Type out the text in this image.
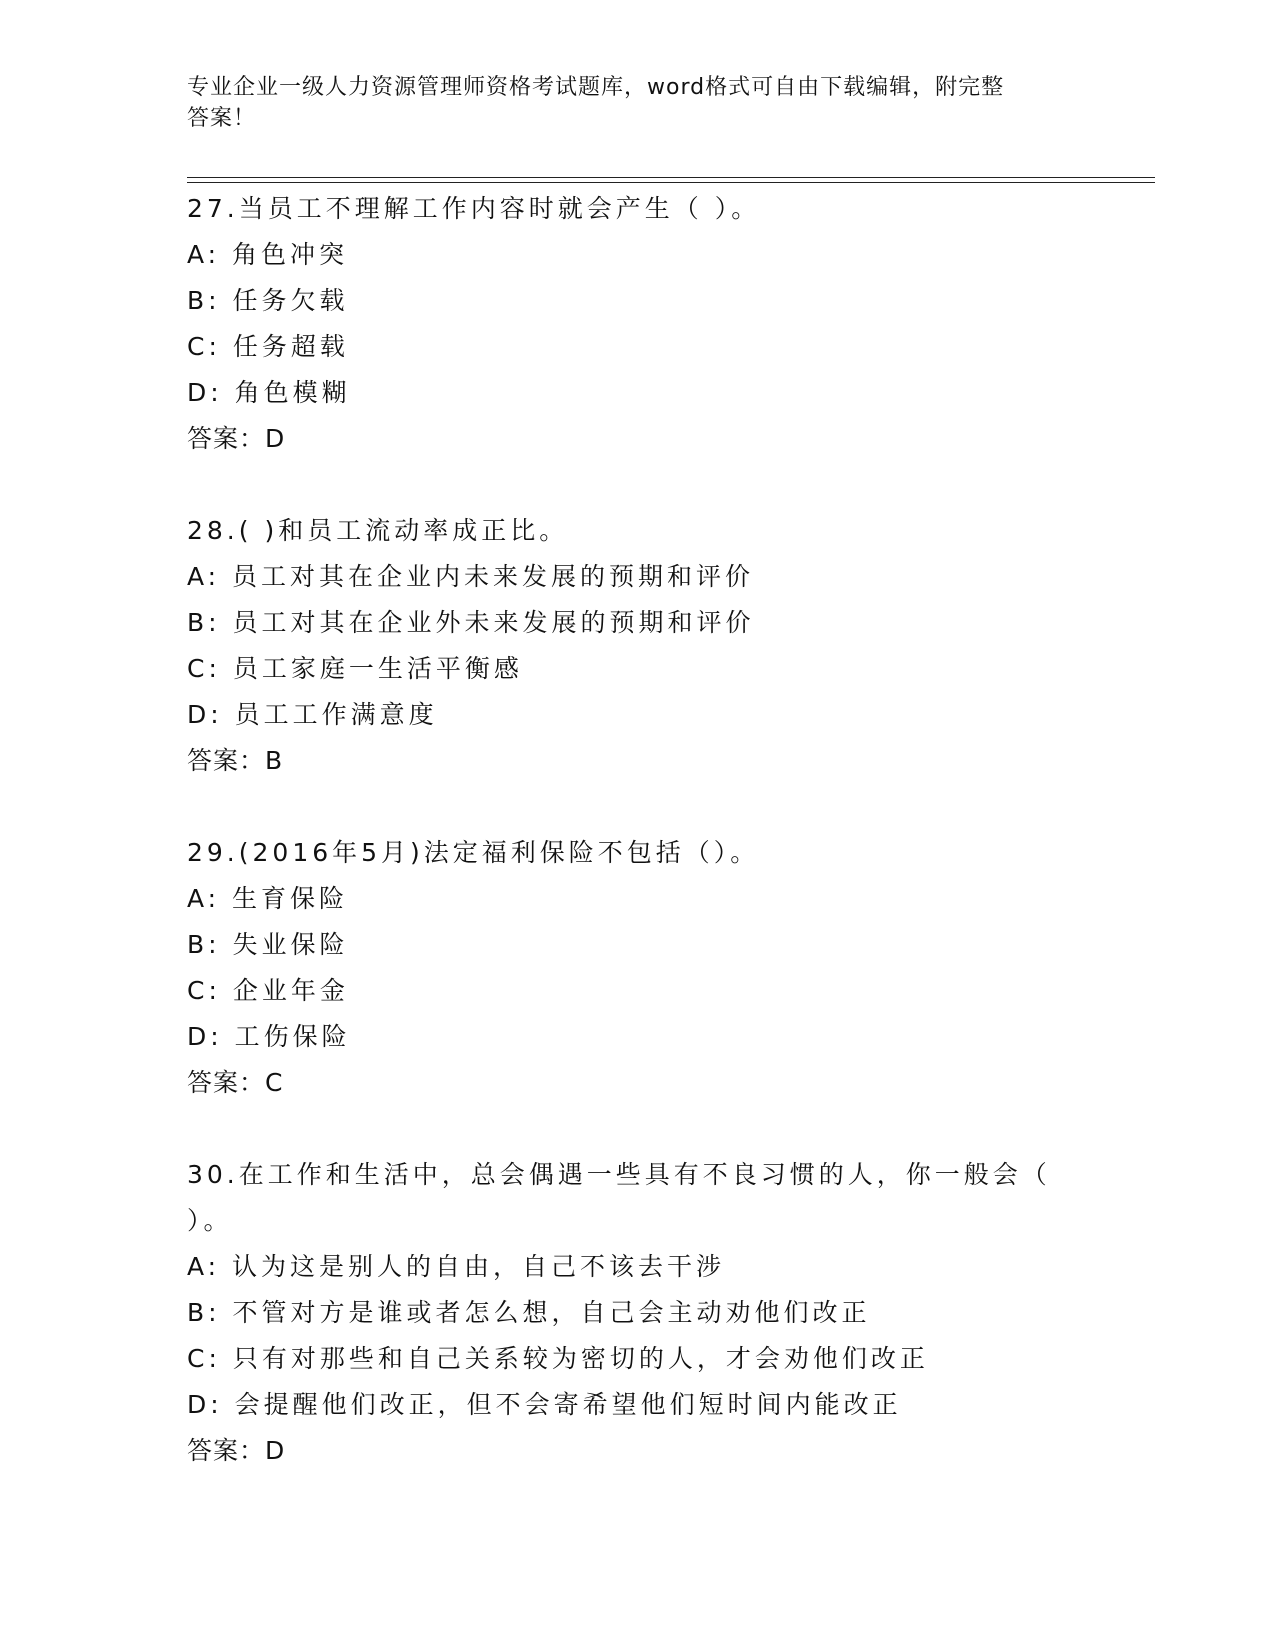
专业企业一级人力资源管理师资格考试题库，word格式可自由下载编辑，附完整
答案！
27.当员工不理解工作内容时就会产生（ ）。
A: 角色冲突
B: 任务欠载
C: 任务超载
D: 角色模糊
答案：D
28.( )和员工流动率成正比。
A: 员工对其在企业内未来发展的预期和评价
B: 员工对其在企业外未来发展的预期和评价
C: 员工家庭一生活平衡感
D: 员工工作满意度
答案：B
29.(2016年5月)法定福利保险不包括（）。
A: 生育保险
B: 失业保险
C: 企业年金
D: 工伤保险
答案：C
30.在工作和生活中，总会偶遇一些具有不良习惯的人，你一般会（
）。
A: 认为这是别人的自由，自己不该去干涉
B: 不管对方是谁或者怎么想，自己会主动劝他们改正
C: 只有对那些和自己关系较为密切的人，才会劝他们改正
D: 会提醒他们改正，但不会寄希望他们短时间内能改正
答案：D
